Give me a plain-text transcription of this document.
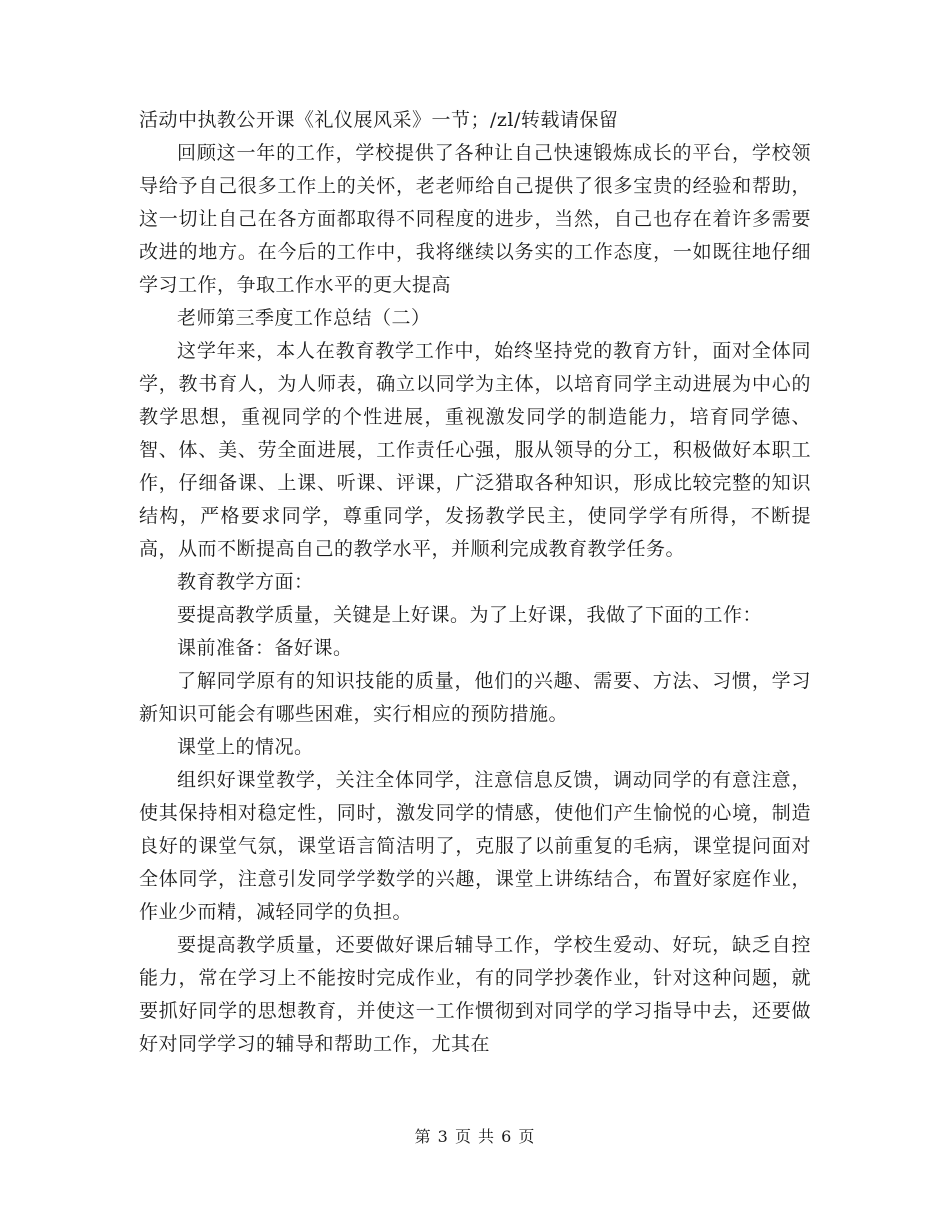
活动中执教公开课《礼仪展风采》一节；/zl/转载请保留

回顾这一年的工作，学校提供了各种让自己快速锻炼成长的平台，学校领导给予自己很多工作上的关怀，老老师给自己提供了很多宝贵的经验和帮助，这一切让自己在各方面都取得不同程度的进步，当然，自己也存在着许多需要改进的地方。在今后的工作中，我将继续以务实的工作态度，一如既往地仔细学习工作，争取工作水平的更大提高

老师第三季度工作总结（二）

这学年来，本人在教育教学工作中，始终坚持党的教育方针，面对全体同学，教书育人，为人师表，确立以同学为主体，以培育同学主动进展为中心的教学思想，重视同学的个性进展，重视激发同学的制造能力，培育同学德、智、体、美、劳全面进展，工作责任心强，服从领导的分工，积极做好本职工作，仔细备课、上课、听课、评课，广泛猎取各种知识，形成比较完整的知识结构，严格要求同学，尊重同学，发扬教学民主，使同学学有所得，不断提高，从而不断提高自己的教学水平，并顺利完成教育教学任务。

教育教学方面：

要提高教学质量，关键是上好课。为了上好课，我做了下面的工作：

课前准备：备好课。

了解同学原有的知识技能的质量，他们的兴趣、需要、方法、习惯，学习新知识可能会有哪些困难，实行相应的预防措施。

课堂上的情况。

组织好课堂教学，关注全体同学，注意信息反馈，调动同学的有意注意，使其保持相对稳定性，同时，激发同学的情感，使他们产生愉悦的心境，制造良好的课堂气氛，课堂语言简洁明了，克服了以前重复的毛病，课堂提问面对全体同学，注意引发同学学数学的兴趣，课堂上讲练结合，布置好家庭作业，作业少而精，减轻同学的负担。

要提高教学质量，还要做好课后辅导工作，学校生爱动、好玩，缺乏自控能力，常在学习上不能按时完成作业，有的同学抄袭作业，针对这种问题，就要抓好同学的思想教育，并使这一工作惯彻到对同学的学习指导中去，还要做好对同学学习的辅导和帮助工作，尤其在

第 3 页 共 6 页
